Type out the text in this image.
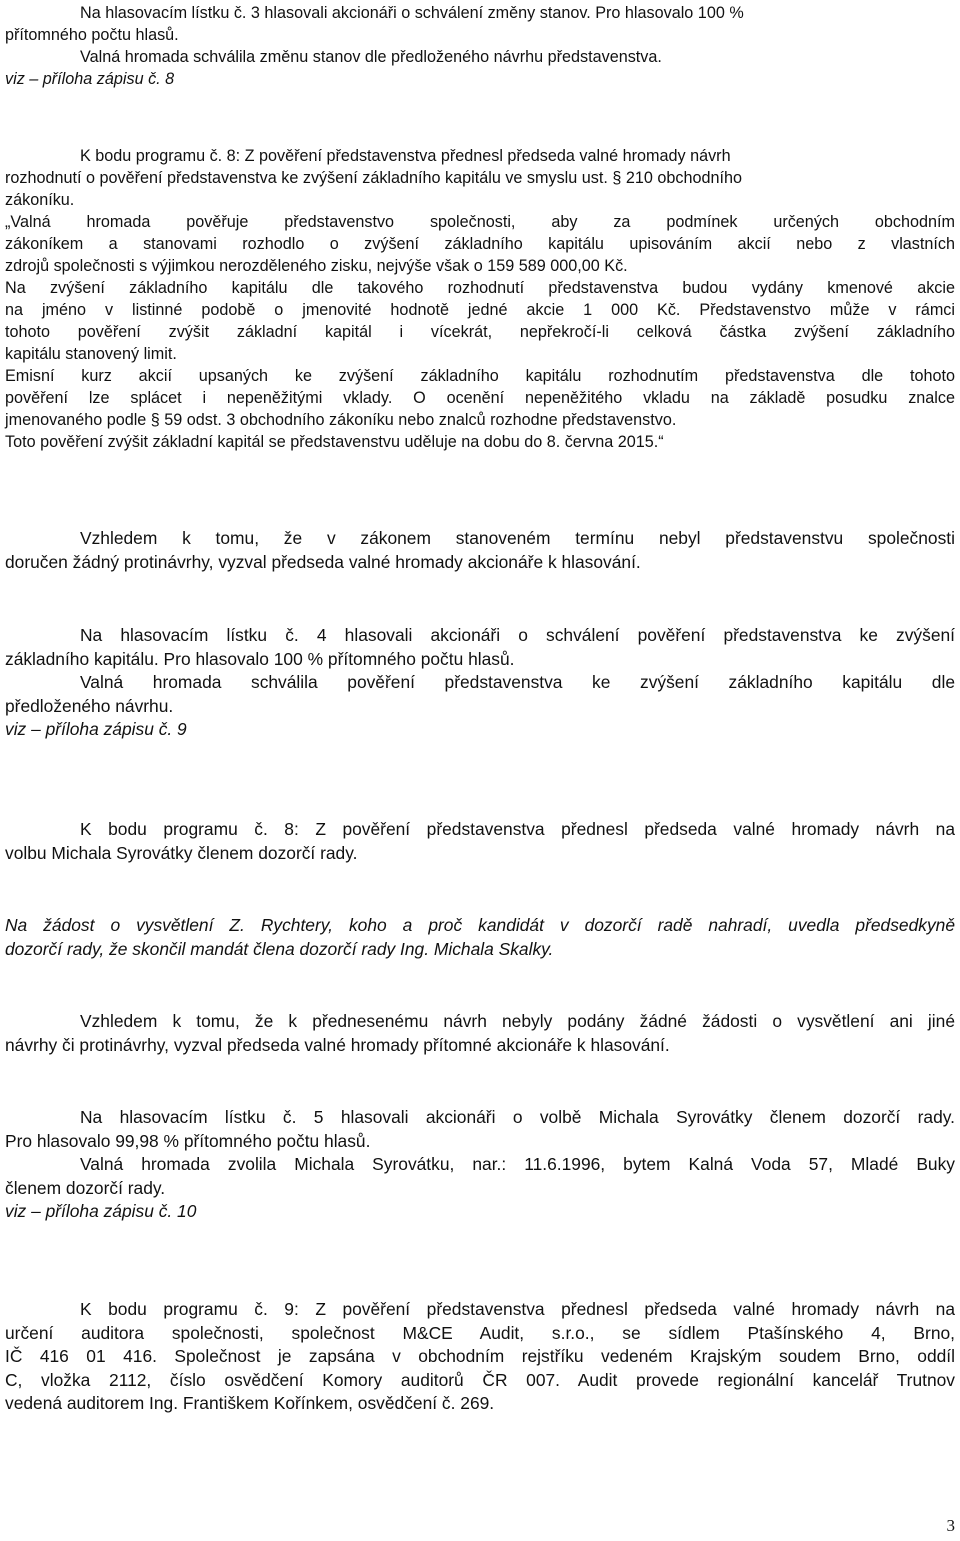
Na hlasovacím lístku č. 3 hlasovali akcionáři o schválení změny stanov. Pro hlasovalo 100 %
přítomného počtu hlasů.
Valná hromada schválila změnu stanov dle předloženého návrhu představenstva.
viz – příloha zápisu č. 8
K bodu programu č. 8: Z pověření představenstva přednesl předseda valné hromady návrh
rozhodnutí o pověření představenstva ke zvýšení základního kapitálu ve smyslu ust. § 210 obchodního
zákoníku.
„Valná hromada pověřuje představenstvo společnosti, aby za podmínek určených obchodním
zákoníkem a stanovami rozhodlo o zvýšení základního kapitálu upisováním akcií nebo z vlastních
zdrojů společnosti s výjimkou nerozděleného zisku, nejvýše však o 159 589 000,00 Kč.
Na zvýšení základního kapitálu dle takového rozhodnutí představenstva budou vydány kmenové akcie
na jméno v listinné podobě o jmenovité hodnotě jedné akcie 1 000 Kč. Představenstvo může v rámci
tohoto pověření zvýšit základní kapitál i vícekrát, nepřekročí-li celková částka zvýšení základního
kapitálu stanovený limit.
Emisní kurz akcií upsaných ke zvýšení základního kapitálu rozhodnutím představenstva dle tohoto
pověření lze splácet i nepeněžitými vklady. O ocenění nepeněžitého vkladu na základě posudku znalce
jmenovaného podle § 59 odst. 3 obchodního zákoníku nebo znalců rozhodne představenstvo.
Toto pověření zvýšit základní kapitál se představenstvu uděluje na dobu do 8. června 2015.“
Vzhledem k tomu, že v zákonem stanoveném termínu nebyl představenstvu společnosti
doručen žádný protinávrhy, vyzval předseda valné hromady akcionáře k hlasování.
Na hlasovacím lístku č. 4 hlasovali akcionáři o schválení pověření představenstva ke zvýšení
základního kapitálu. Pro hlasovalo 100 % přítomného počtu hlasů.
Valná hromada schválila pověření představenstva ke zvýšení základního kapitálu dle
předloženého návrhu.
viz – příloha zápisu č. 9
K bodu programu č. 8: Z pověření představenstva přednesl předseda valné hromady návrh na
volbu Michala Syrovátky členem dozorčí rady.
Na žádost o vysvětlení Z. Rychtery, koho a proč kandidát v dozorčí radě nahradí, uvedla předsedkyně
dozorčí rady, že skončil mandát člena dozorčí rady Ing. Michala Skalky.
Vzhledem k tomu, že k přednesenému návrh nebyly podány žádné žádosti o vysvětlení ani jiné
návrhy či protinávrhy, vyzval předseda valné hromady přítomné akcionáře k hlasování.
Na hlasovacím lístku č. 5 hlasovali akcionáři o volbě Michala Syrovátky členem dozorčí rady.
Pro hlasovalo 99,98 % přítomného počtu hlasů.
Valná hromada zvolila Michala Syrovátku, nar.: 11.6.1996, bytem Kalná Voda 57, Mladé Buky
členem dozorčí rady.
viz – příloha zápisu č. 10
K bodu programu č. 9: Z pověření představenstva přednesl předseda valné hromady návrh na
určení auditora společnosti, společnost M&CE Audit, s.r.o., se sídlem Ptašínského 4, Brno,
IČ 416 01 416. Společnost je zapsána v obchodním rejstříku vedeném Krajským soudem Brno, oddíl
C, vložka 2112, číslo osvědčení Komory auditorů ČR 007. Audit provede regionální kancelář Trutnov
vedená auditorem Ing. Františkem Kořínkem, osvědčení č. 269.
3
